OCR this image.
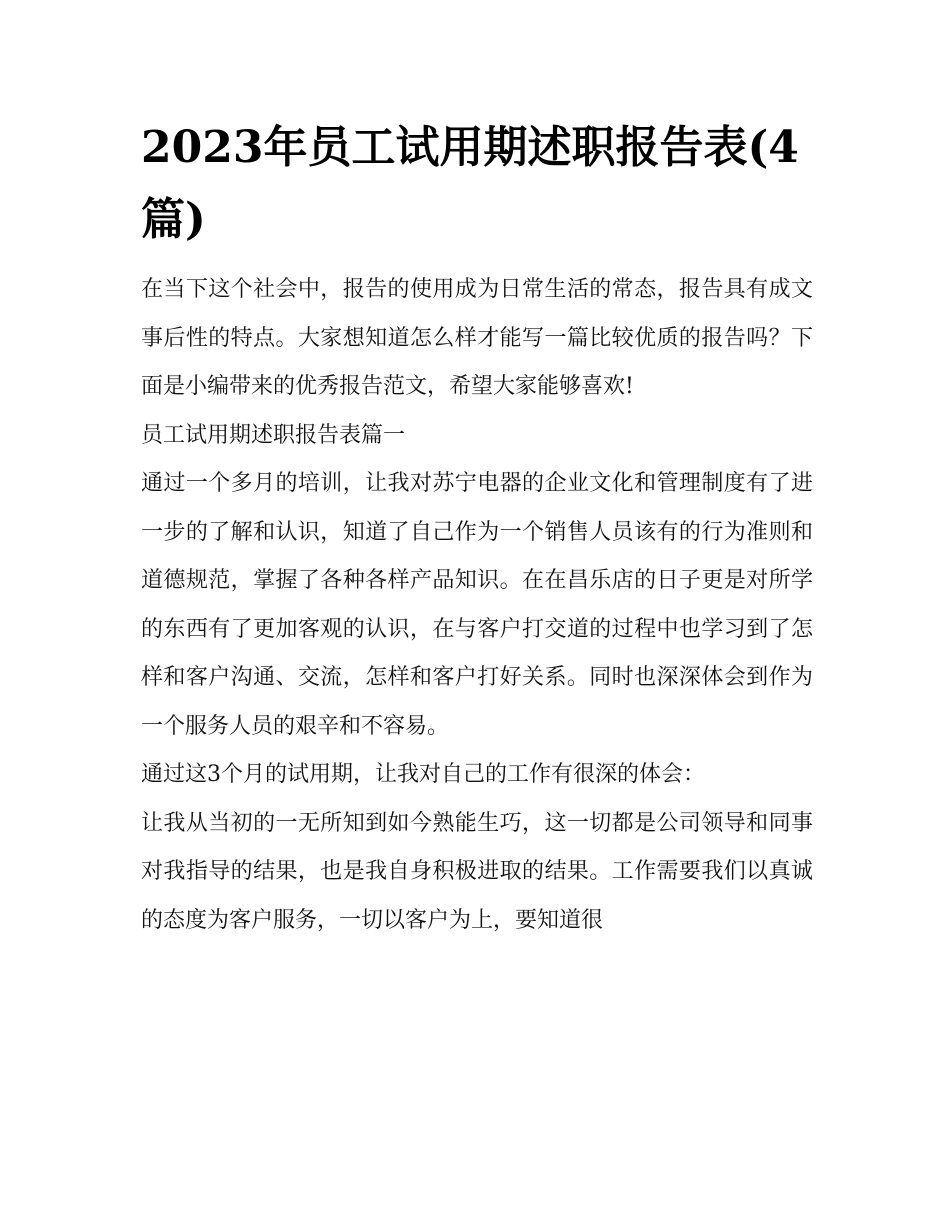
2023年员工试用期述职报告表(4篇)

在当下这个社会中，报告的使用成为日常生活的常态，报告具有成文事后性的特点。大家想知道怎么样才能写一篇比较优质的报告吗？下面是小编带来的优秀报告范文，希望大家能够喜欢!

员工试用期述职报告表篇一

通过一个多月的培训，让我对苏宁电器的企业文化和管理制度有了进一步的了解和认识，知道了自己作为一个销售人员该有的行为准则和道德规范，掌握了各种各样产品知识。在在昌乐店的日子更是对所学的东西有了更加客观的认识，在与客户打交道的过程中也学习到了怎样和客户沟通、交流，怎样和客户打好关系。同时也深深体会到作为一个服务人员的艰辛和不容易。

通过这3个月的试用期，让我对自己的工作有很深的体会：

让我从当初的一无所知到如今熟能生巧，这一切都是公司领导和同事对我指导的结果，也是我自身积极进取的结果。工作需要我们以真诚的态度为客户服务，一切以客户为上，要知道很
